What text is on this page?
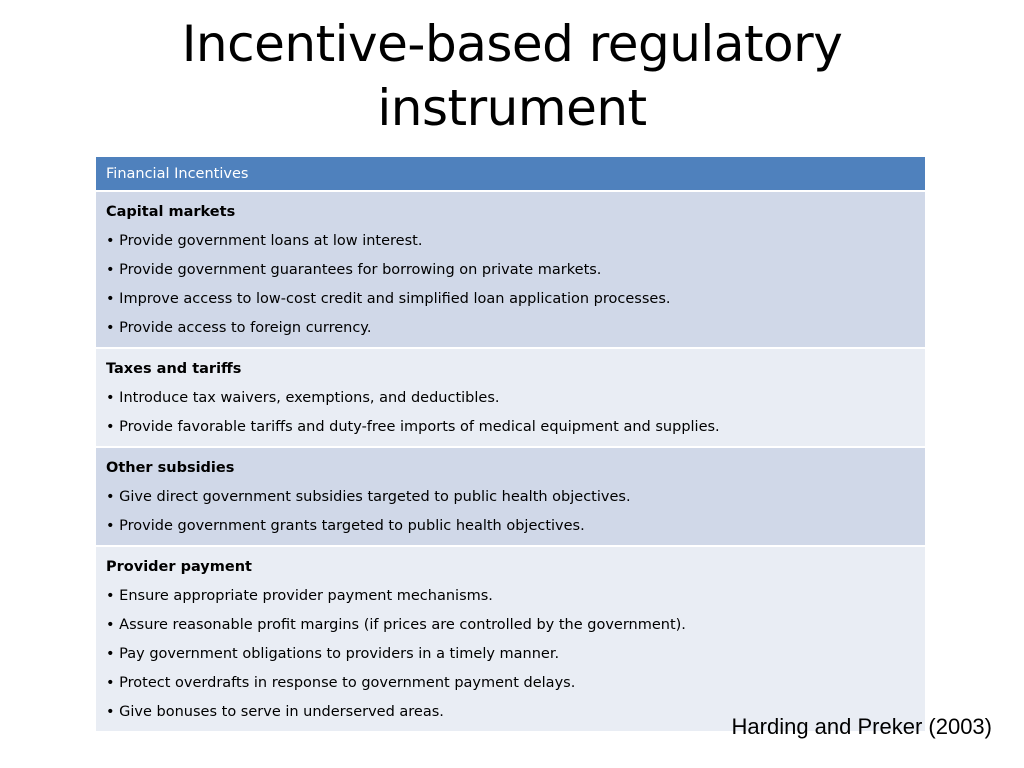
Incentive-based regulatory
instrument
Financial Incentives
Capital markets
• Provide government loans at low interest.
• Provide government guarantees for borrowing on private markets.
• Improve access to low-cost credit and simplified loan application processes.
• Provide access to foreign currency.
Taxes and tariffs
• Introduce tax waivers, exemptions, and deductibles.
• Provide favorable tariffs and duty-free imports of medical equipment and supplies.
Other subsidies
• Give direct government subsidies targeted to public health objectives.
• Provide government grants targeted to public health objectives.
Provider payment
• Ensure appropriate provider payment mechanisms.
• Assure reasonable profit margins (if prices are controlled by the government).
• Pay government obligations to providers in a timely manner.
• Protect overdrafts in response to government payment delays.
• Give bonuses to serve in underserved areas.
Harding and Preker (2003)
